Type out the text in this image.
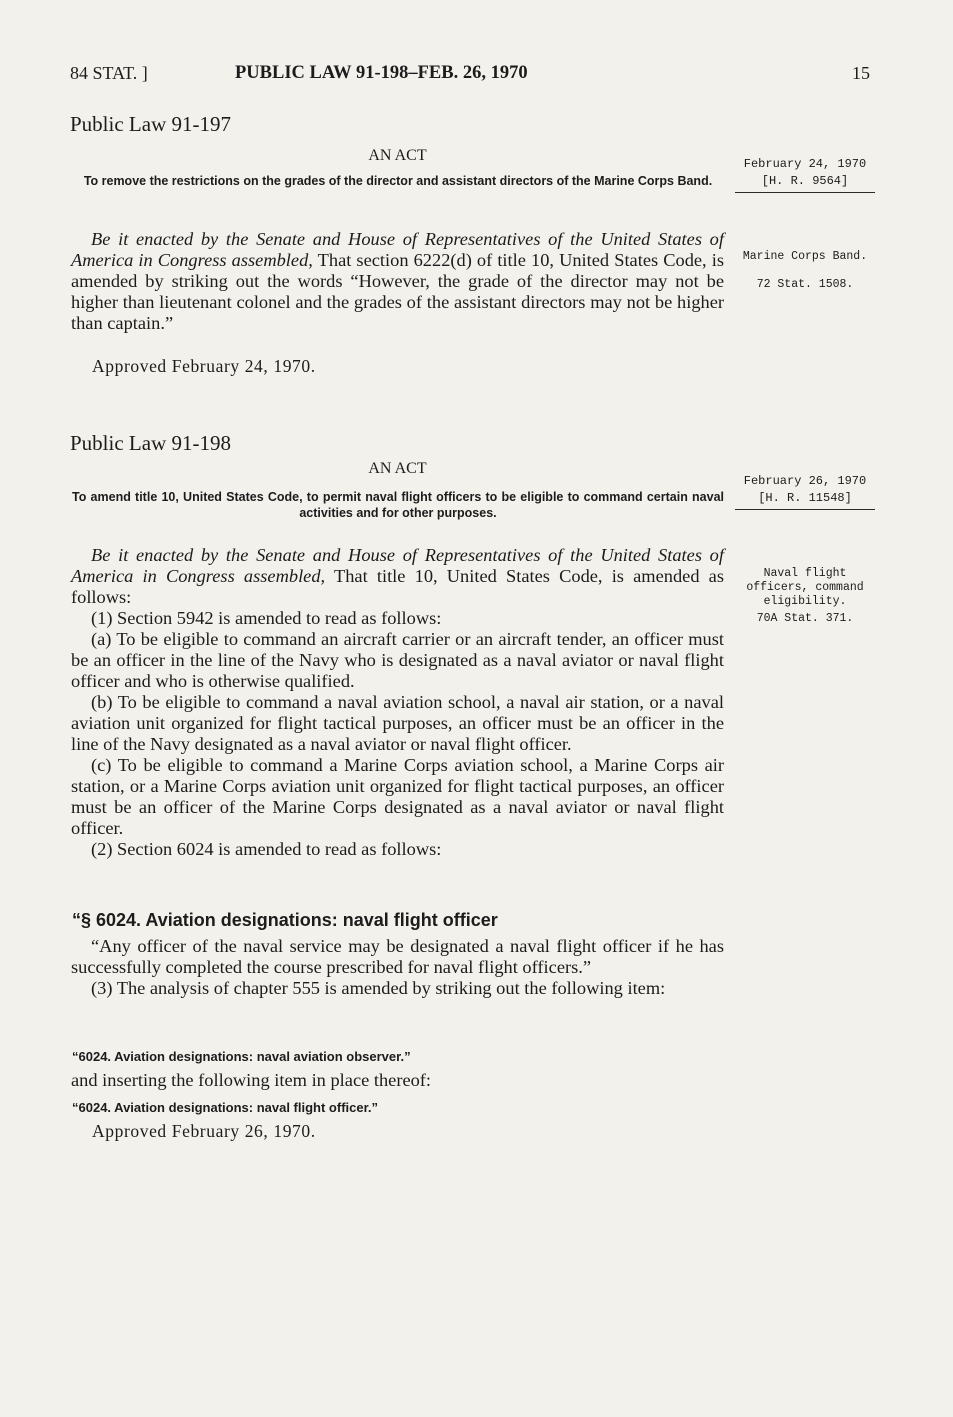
84 STAT. ]	PUBLIC LAW 91-198–FEB. 26, 1970	15
Public Law 91-197
AN ACT
To remove the restrictions on the grades of the director and assistant directors of the Marine Corps Band.
February 24, 1970
[H. R. 9564]

Be it enacted by the Senate and House of Representatives of the United States of America in Congress assembled, That section 6222(d) of title 10, United States Code, is amended by striking out the words “However, the grade of the director may not be higher than lieutenant colonel and the grades of the assistant directors may not be higher than captain.”

Approved February 24, 1970.
Marine Corps Band.
72 Stat. 1508.
Public Law 91-198
AN ACT
To amend title 10, United States Code, to permit naval flight officers to be eligible to command certain naval activities and for other purposes.
February 26, 1970
[H. R. 11548]

Be it enacted by the Senate and House of Representatives of the United States of America in Congress assembled, That title 10, United States Code, is amended as follows:

(1) Section 5942 is amended to read as follows:

(a) To be eligible to command an aircraft carrier or an aircraft tender, an officer must be an officer in the line of the Navy who is designated as a naval aviator or naval flight officer and who is otherwise qualified.

(b) To be eligible to command a naval aviation school, a naval air station, or a naval aviation unit organized for flight tactical purposes, an officer must be an officer in the line of the Navy designated as a naval aviator or naval flight officer.

(c) To be eligible to command a Marine Corps aviation school, a Marine Corps air station, or a Marine Corps aviation unit organized for flight tactical purposes, an officer must be an officer of the Marine Corps designated as a naval aviator or naval flight officer.

(2) Section 6024 is amended to read as follows:

“§ 6024. Aviation designations: naval flight officer

“Any officer of the naval service may be designated a naval flight officer if he has successfully completed the course prescribed for naval flight officers.”

(3) The analysis of chapter 555 is amended by striking out the following item:

“6024. Aviation designations: naval aviation observer.”
and inserting the following item in place thereof:
“6024. Aviation designations: naval flight officer.”
Approved February 26, 1970.
Naval flight officers, command eligibility.
70A Stat. 371.
